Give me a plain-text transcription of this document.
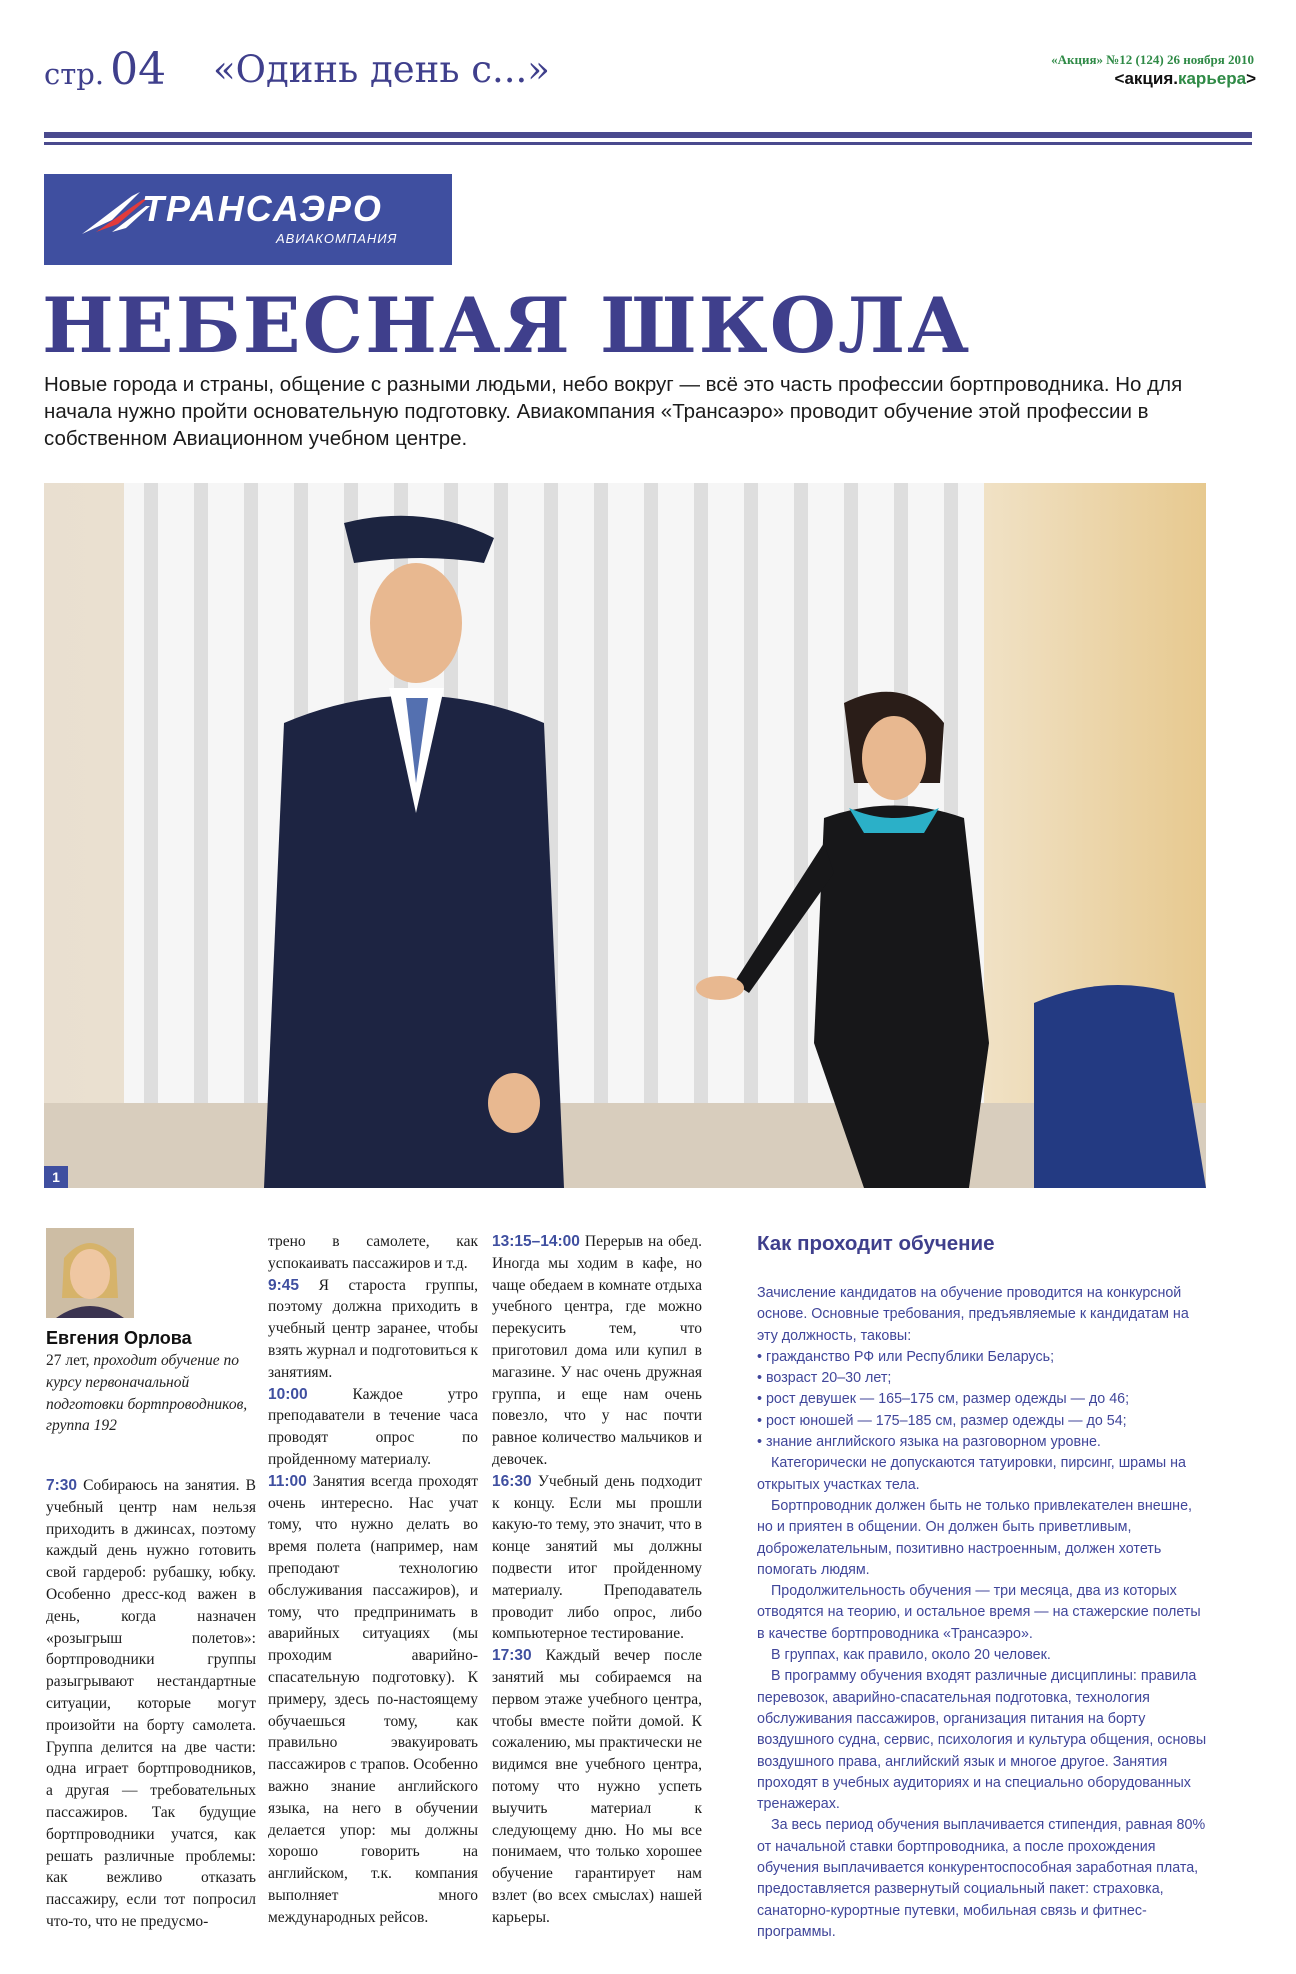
стр. 04 «Одинь день с...»	«Акция» №12 (124) 26 ноября 2010
<акция.карьера>
ТРАНСАЭРО
АВИАКОМПАНИЯ
НЕБЕСНАЯ ШКОЛА

Новые города и страны, общение с разными людьми, небо вокруг — всё это часть профессии бортпроводника. Но для начала нужно пройти основательную подготовку. Авиакомпания «Трансаэро» проводит обучение этой профессии в собственном Авиационном учебном центре.

1
Евгения Орлова

27 лет, проходит обучение по курсу первоначальной подготовки бортпроводников, группа 192

7:30 Собираюсь на занятия. В учебный центр нам нельзя приходить в джинсах, поэтому каждый день нужно готовить свой гардероб: рубашку, юбку. Особенно дресс-код важен в день, когда назначен «розыгрыш полетов»: бортпроводники группы разыгрывают нестандартные ситуации, которые могут произойти на борту самолета. Группа делится на две части: одна играет бортпроводников, а другая — требовательных пассажиров. Так будущие бортпроводники учатся, как решать различные проблемы: как вежливо отказать пассажиру, если тот попросил что-то, что не предусмо-

трено в самолете, как успокаивать пассажиров и т.д.

9:45 Я староста группы, поэтому должна приходить в учебный центр заранее, чтобы взять журнал и подготовиться к занятиям.

10:00	Каждое утро преподаватели в течение часа проводят опрос по пройденному материалу.

11:00 Занятия всегда проходят очень интересно. Нас учат тому, что нужно делать во время полета (например, нам преподают технологию обслуживания пассажиров), и тому, что предпринимать в аварийных ситуациях (мы проходим аварийно-спасательную подготовку). К примеру, здесь по-настоящему обучаешься тому, как правильно эвакуировать пассажиров с трапов. Особенно важно знание английского языка, на него в обучении делается упор: мы должны хорошо говорить на английском, т.к. компания выполняет много международных рейсов.

13:15–14:00 Перерыв на обед. Иногда мы ходим в кафе, но чаще обедаем в комнате отдыха учебного центра, где можно перекусить тем, что приготовил дома или купил в магазине. У нас очень дружная группа, и еще нам очень повезло, что у нас почти равное количество мальчиков и девочек.

16:30 Учебный день подходит к концу. Если мы прошли какую-то тему, это значит, что в конце занятий мы должны подвести итог пройденному материалу. Преподаватель проводит либо опрос, либо компьютерное тестирование.

17:30 Каждый вечер после занятий мы собираемся на первом этаже учебного центра, чтобы вместе пойти домой. К сожалению, мы практически не видимся вне учебного центра, потому что нужно успеть выучить материал к следующему дню. Но мы все понимаем, что только хорошее обучение гарантирует нам взлет (во всех смыслах) нашей карьеры.

Как проходит обучение

Зачисление кандидатов на обучение проводится на конкурсной основе. Основные требования, предъявляемые к кандидатам на эту должность, таковы:

• гражданство РФ или Республики Беларусь;

• возраст 20–30 лет;

• рост девушек — 165–175 см, размер одежды — до 46;

• рост юношей — 175–185 см, размер одежды — до 54;

• знание английского языка на разговорном уровне.

Категорически не допускаются татуировки, пирсинг, шрамы на открытых участках тела.

Бортпроводник должен быть не только привлекателен внешне, но и приятен в общении. Он должен быть приветливым, доброжелательным, позитивно настроенным, должен хотеть помогать людям.

Продолжительность обучения — три месяца, два из которых отводятся на теорию, и остальное время — на стажерские полеты в качестве бортпроводника «Трансаэро».

В группах, как правило, около 20 человек.

В программу обучения входят различные дисциплины: правила перевозок, аварийно-спасательная подготовка, технология обслуживания пассажиров, организация питания на борту воздушного судна, сервис, психология и культура общения, основы воздушного права, английский язык и многое другое. Занятия проходят в учебных аудиториях и на специально оборудованных тренажерах.

За весь период обучения выплачивается стипендия, равная 80% от начальной ставки бортпроводника, а после прохождения обучения выплачивается конкурентоспособная заработная плата, предоставляется развернутый социальный пакет: страховка, санаторно-курортные путевки, мобильная связь и фитнес-программы.
